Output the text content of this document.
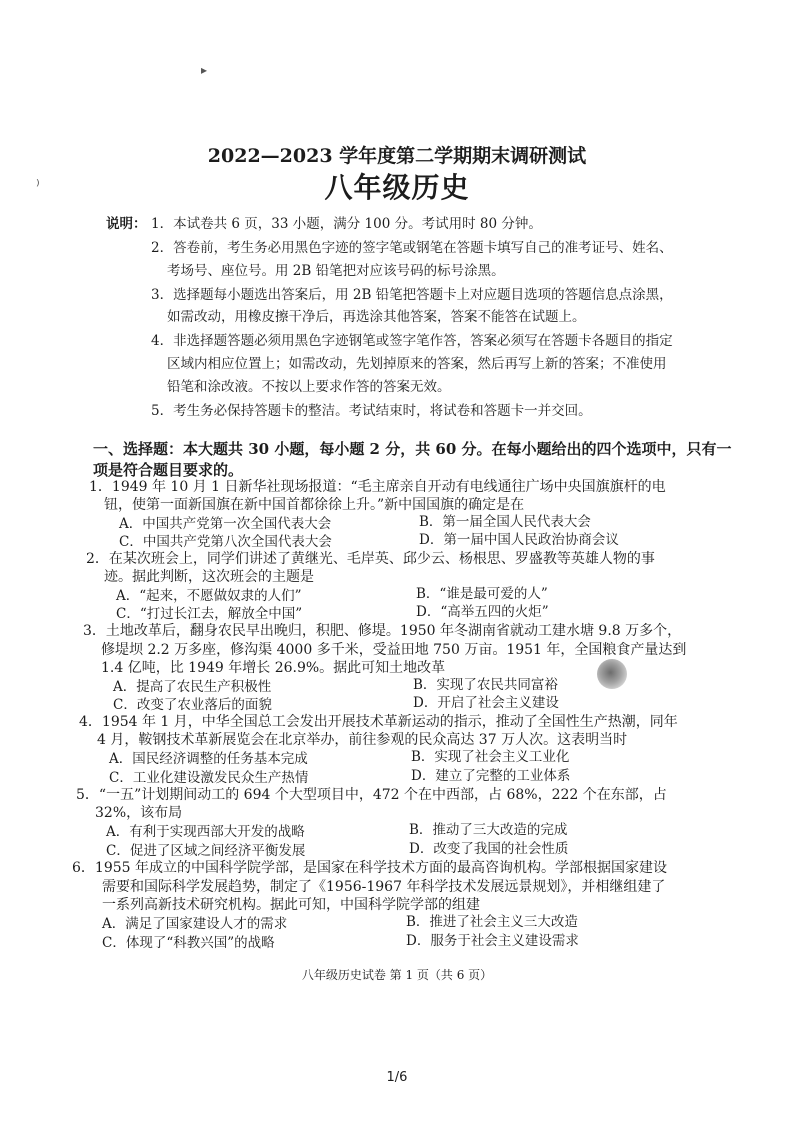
▸
⁾
2022—2023 学年度第二学期期末调研测试
八年级历史
说明： 1．本试卷共 6 页，33 小题，满分 100 分。考试用时 80 分钟。
2．答卷前，考生务必用黑色字迹的签字笔或钢笔在答题卡填写自己的准考证号、姓名、
考场号、座位号。用 2B 铅笔把对应该号码的标号涂黑。
3．选择题每小题选出答案后，用 2B 铅笔把答题卡上对应题目选项的答题信息点涂黑，
如需改动，用橡皮擦干净后，再选涂其他答案，答案不能答在试题上。
4．非选择题答题必须用黑色字迹钢笔或签字笔作答，答案必须写在答题卡各题目的指定
区域内相应位置上；如需改动，先划掉原来的答案，然后再写上新的答案；不准使用
铅笔和涂改液。不按以上要求作答的答案无效。
5．考生务必保持答题卡的整洁。考试结束时，将试卷和答题卡一并交回。
一、选择题：本大题共 30 小题，每小题 2 分，共 60 分。在每小题给出的四个选项中，只有一
项是符合题目要求的。
1．1949 年 10 月 1 日新华社现场报道：“毛主席亲自开动有电线通往广场中央国旗旗杆的电
钮，使第一面新国旗在新中国首都徐徐上升。”新中国国旗的确定是在
A．中国共产党第一次全国代表大会	B．第一届全国人民代表大会
C．中国共产党第八次全国代表大会	D．第一届中国人民政治协商会议
2．在某次班会上，同学们讲述了黄继光、毛岸英、邱少云、杨根思、罗盛教等英雄人物的事
迹。据此判断，这次班会的主题是
A．“起来，不愿做奴隶的人们”	B．“谁是最可爱的人”
C．“打过长江去，解放全中国”	D．“高举五四的火炬”
3．土地改革后，翻身农民早出晚归，积肥、修堤。1950 年冬湖南省就动工建水塘 9.8 万多个，
修堤坝 2.2 万多座，修沟渠 4000 多千米，受益田地 750 万亩。1951 年，全国粮食产量达到
1.4 亿吨，比 1949 年增长 26.9%。据此可知土地改革
A．提高了农民生产积极性	B．实现了农民共同富裕
C．改变了农业落后的面貌	D．开启了社会主义建设
4．1954 年 1 月，中华全国总工会发出开展技术革新运动的指示，推动了全国性生产热潮，同年
4 月，鞍钢技术革新展览会在北京举办，前往参观的民众高达 37 万人次。这表明当时
A．国民经济调整的任务基本完成	B．实现了社会主义工业化
C．工业化建设激发民众生产热情	D．建立了完整的工业体系
5．“一五”计划期间动工的 694 个大型项目中，472 个在中西部，占 68%，222 个在东部，占
32%，该布局
A．有利于实现西部大开发的战略	B．推动了三大改造的完成
C．促进了区域之间经济平衡发展	D．改变了我国的社会性质
6．1955 年成立的中国科学院学部，是国家在科学技术方面的最高咨询机构。学部根据国家建设
需要和国际科学发展趋势，制定了《1956-1967 年科学技术发展远景规划》，并相继组建了
一系列高新技术研究机构。据此可知，中国科学院学部的组建
A．满足了国家建设人才的需求	B．推进了社会主义三大改造
C．体现了“科教兴国”的战略	D．服务于社会主义建设需求
八年级历史试卷 第 1 页（共 6 页）
1/6
